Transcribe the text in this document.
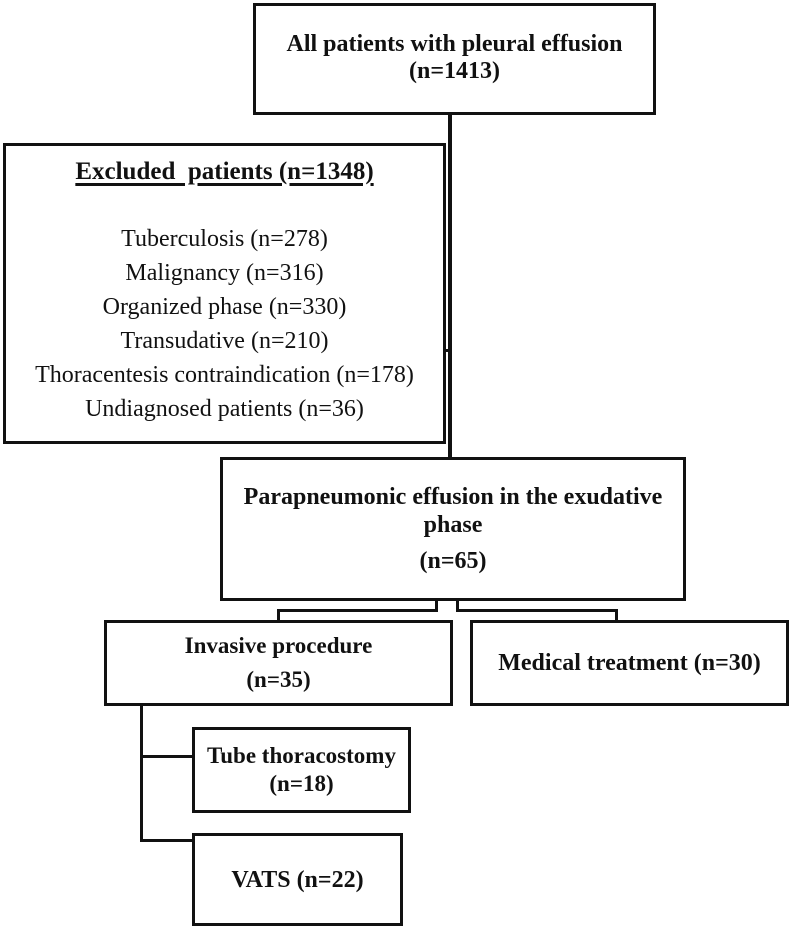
All patients with pleural effusion
(n=1413)
Excluded  patients (n=1348)
Tuberculosis (n=278)
Malignancy (n=316)
Organized phase (n=330)
Transudative (n=210)
Thoracentesis contraindication (n=178)
Undiagnosed patients (n=36)
Parapneumonic effusion in the exudative phase
(n=65)
Invasive procedure
(n=35)
Medical treatment (n=30)
Tube thoracostomy
(n=18)
VATS (n=22)
